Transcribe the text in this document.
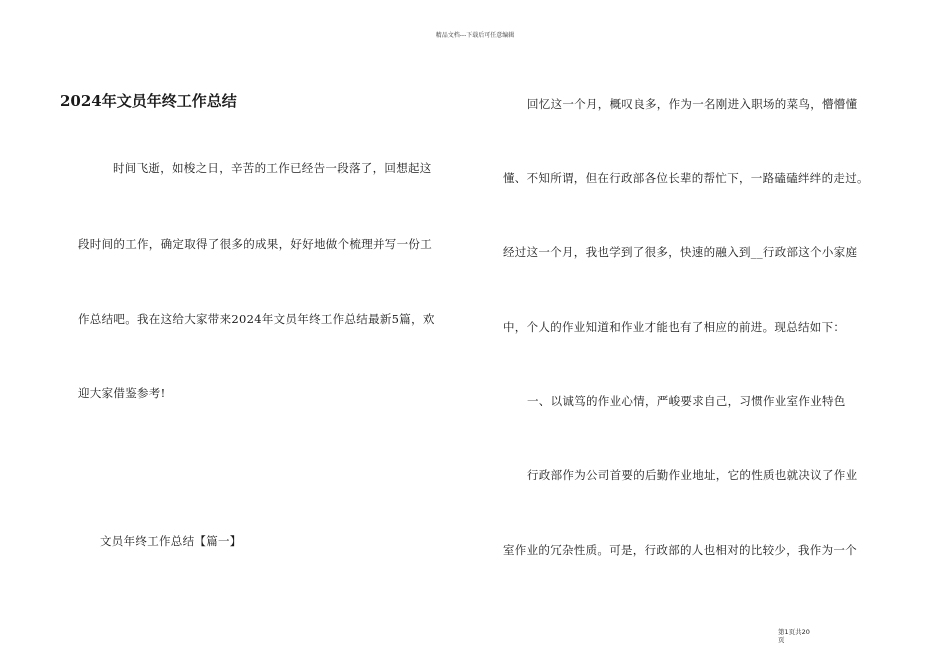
精品文档---下载后可任意编辑
2024年文员年终工作总结
时间飞逝，如梭之日，辛苦的工作已经告一段落了，回想起这
段时间的工作，确定取得了很多的成果，好好地做个梳理并写一份工
作总结吧。我在这给大家带来2024年文员年终工作总结最新5篇，欢
迎大家借鉴参考!
文员年终工作总结【篇一】
回忆这一个月，概叹良多，作为一名刚进入职场的菜鸟，懵懵懂
懂、不知所谓，但在行政部各位长辈的帮忙下，一路磕磕绊绊的走过。
经过这一个月，我也学到了很多，快速的融入到__行政部这个小家庭
中，个人的作业知道和作业才能也有了相应的前进。现总结如下：
一、以诚笃的作业心情，严峻要求自己，习惯作业室作业特色
行政部作为公司首要的后勤作业地址，它的性质也就决议了作业
室作业的冗杂性质。可是，行政部的人也相对的比较少，我作为一个
第1页共20
页
